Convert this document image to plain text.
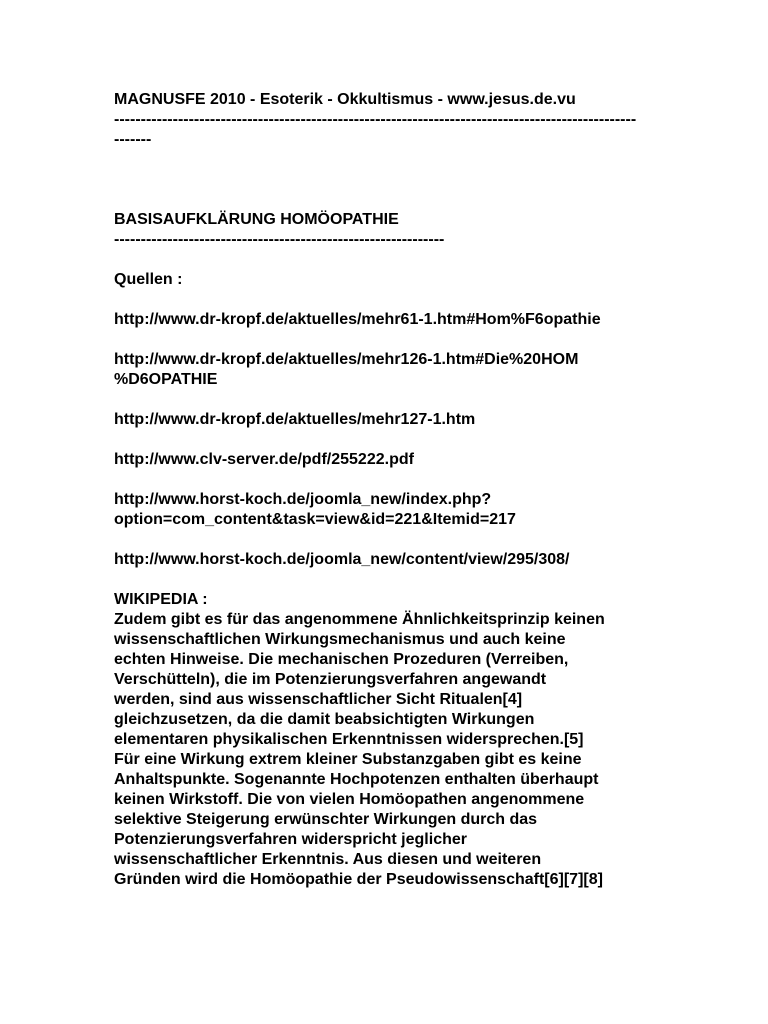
MAGNUSFE 2010 - Esoterik - Okkultismus - www.jesus.de.vu
--------------------------------------------------------------------------------------------------
-------
BASISAUFKLÄRUNG HOMÖOPATHIE
--------------------------------------------------------------
Quellen :
http://www.dr-kropf.de/aktuelles/mehr61-1.htm#Hom%F6opathie
http://www.dr-kropf.de/aktuelles/mehr126-1.htm#Die%20HOM
%D6OPATHIE
http://www.dr-kropf.de/aktuelles/mehr127-1.htm
http://www.clv-server.de/pdf/255222.pdf
http://www.horst-koch.de/joomla_new/index.php?
option=com_content&task=view&id=221&Itemid=217
http://www.horst-koch.de/joomla_new/content/view/295/308/
WIKIPEDIA :
Zudem gibt es für das angenommene Ähnlichkeitsprinzip keinen
wissenschaftlichen Wirkungsmechanismus und auch keine
echten Hinweise. Die mechanischen Prozeduren (Verreiben,
Verschütteln), die im Potenzierungsverfahren angewandt
werden, sind aus wissenschaftlicher Sicht Ritualen[4]
gleichzusetzen, da die damit beabsichtigten Wirkungen
elementaren physikalischen Erkenntnissen widersprechen.[5]
Für eine Wirkung extrem kleiner Substanzgaben gibt es keine
Anhaltspunkte. Sogenannte Hochpotenzen enthalten überhaupt
keinen Wirkstoff. Die von vielen Homöopathen angenommene
selektive Steigerung erwünschter Wirkungen durch das
Potenzierungsverfahren widerspricht jeglicher
wissenschaftlicher Erkenntnis. Aus diesen und weiteren
Gründen wird die Homöopathie der Pseudowissenschaft[6][7][8]
